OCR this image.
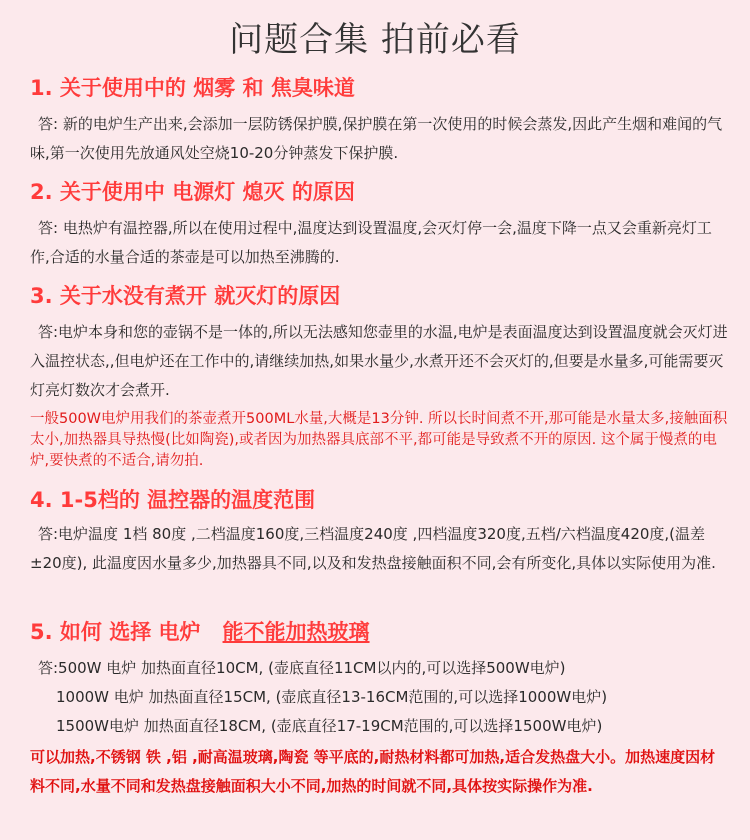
问题合集 拍前必看
1. 关于使用中的 烟雾 和 焦臭味道
答: 新的电炉生产出来,会添加一层防锈保护膜,保护膜在第一次使用的时候会蒸发,因此产生烟和难闻的气味,第一次使用先放通风处空烧10-20分钟蒸发下保护膜.
2. 关于使用中 电源灯 熄灭 的原因
答: 电热炉有温控器,所以在使用过程中,温度达到设置温度,会灭灯停一会,温度下降一点又会重新亮灯工作,合适的水量合适的茶壶是可以加热至沸腾的.
3. 关于水没有煮开 就灭灯的原因
答:电炉本身和您的壶锅不是一体的,所以无法感知您壶里的水温,电炉是表面温度达到设置温度就会灭灯进入温控状态,,但电炉还在工作中的,请继续加热,如果水量少,水煮开还不会灭灯的,但要是水量多,可能需要灭灯亮灯数次才会煮开.
一般500W电炉用我们的茶壶煮开500ML水量,大概是13分钟. 所以长时间煮不开,那可能是水量太多,接触面积太小,加热器具导热慢(比如陶瓷),或者因为加热器具底部不平,都可能是导致煮不开的原因. 这个属于慢煮的电炉,要快煮的不适合,请勿拍.
4. 1-5档的 温控器的温度范围
答:电炉温度 1档 80度 ,二档温度160度,三档温度240度 ,四档温度320度,五档/六档温度420度,(温差±20度), 此温度因水量多少,加热器具不同,以及和发热盘接触面积不同,会有所变化,具体以实际使用为准.
5. 如何 选择 电炉 能不能加热玻璃
答:500W 电炉 加热面直径10CM, (壶底直径11CM以内的,可以选择500W电炉)
1000W 电炉 加热面直径15CM, (壶底直径13-16CM范围的,可以选择1000W电炉)
1500W电炉 加热面直径18CM, (壶底直径17-19CM范围的,可以选择1500W电炉)
可以加热,不锈钢 铁 ,铝 ,耐高温玻璃,陶瓷 等平底的,耐热材料都可加热,适合发热盘大小。加热速度因材料不同,水量不同和发热盘接触面积大小不同,加热的时间就不同,具体按实际操作为准.
